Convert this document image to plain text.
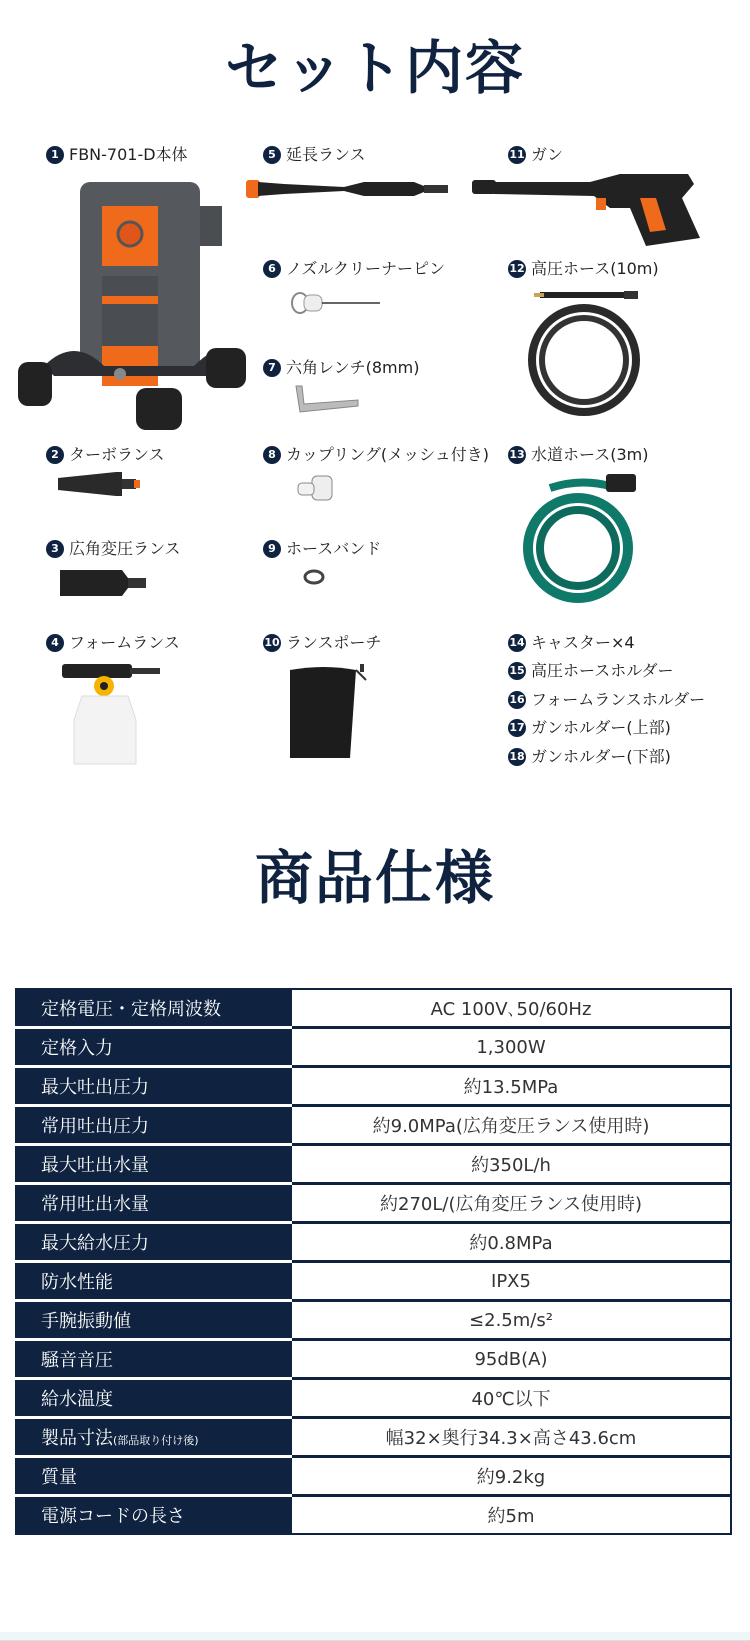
セット内容
1 FBN-701-D本体
2 ターボランス
3 広角変圧ランス
4 フォームランス
5 延長ランス
6 ノズルクリーナーピン
7 六角レンチ(8mm)
8 カップリング(メッシュ付き)
9 ホースバンド
10 ランスポーチ
11 ガン
12 高圧ホース(10m)
13 水道ホース(3m)
14 キャスター×4
15 高圧ホースホルダー
16 フォームランスホルダー
17 ガンホルダー(上部)
18 ガンホルダー(下部)
商品仕様
定格電圧・定格周波数	AC 100V､50/60Hz
定格入力	1,300W
最大吐出圧力	約13.5MPa
常用吐出圧力	約9.0MPa(広角変圧ランス使用時)
最大吐出水量	約350L/h
常用吐出水量	約270L/(広角変圧ランス使用時)
最大給水圧力	約0.8MPa
防水性能	IPX5
手腕振動値	≤2.5m/s²
騒音音圧	95dB(A)
給水温度	40℃以下
製品寸法(部品取り付け後)	幅32×奥行34.3×高さ43.6cm
質量	約9.2kg
電源コードの長さ	約5m
